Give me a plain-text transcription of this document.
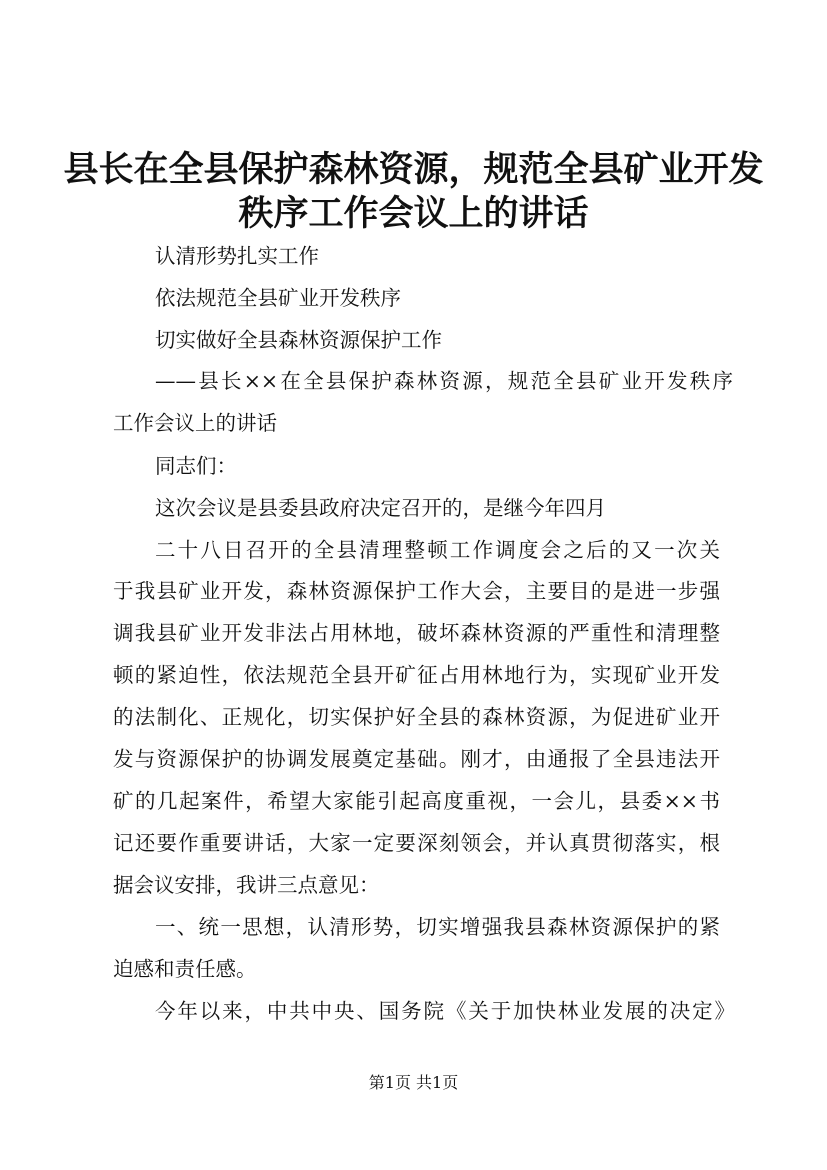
县长在全县保护森林资源，规范全县矿业开发
秩序工作会议上的讲话
认清形势扎实工作
依法规范全县矿业开发秩序
切实做好全县森林资源保护工作
——县长××在全县保护森林资源，规范全县矿业开发秩序
工作会议上的讲话
同志们：
这次会议是县委县政府决定召开的，是继今年四月
二十八日召开的全县清理整顿工作调度会之后的又一次关
于我县矿业开发，森林资源保护工作大会，主要目的是进一步强
调我县矿业开发非法占用林地，破坏森林资源的严重性和清理整
顿的紧迫性，依法规范全县开矿征占用林地行为，实现矿业开发
的法制化、正规化，切实保护好全县的森林资源，为促进矿业开
发与资源保护的协调发展奠定基础。刚才，由通报了全县违法开
矿的几起案件，希望大家能引起高度重视，一会儿，县委××书
记还要作重要讲话，大家一定要深刻领会，并认真贯彻落实，根
据会议安排，我讲三点意见：
一、统一思想，认清形势，切实增强我县森林资源保护的紧
迫感和责任感。
今年以来，中共中央、国务院《关于加快林业发展的决定》
第1页 共1页
